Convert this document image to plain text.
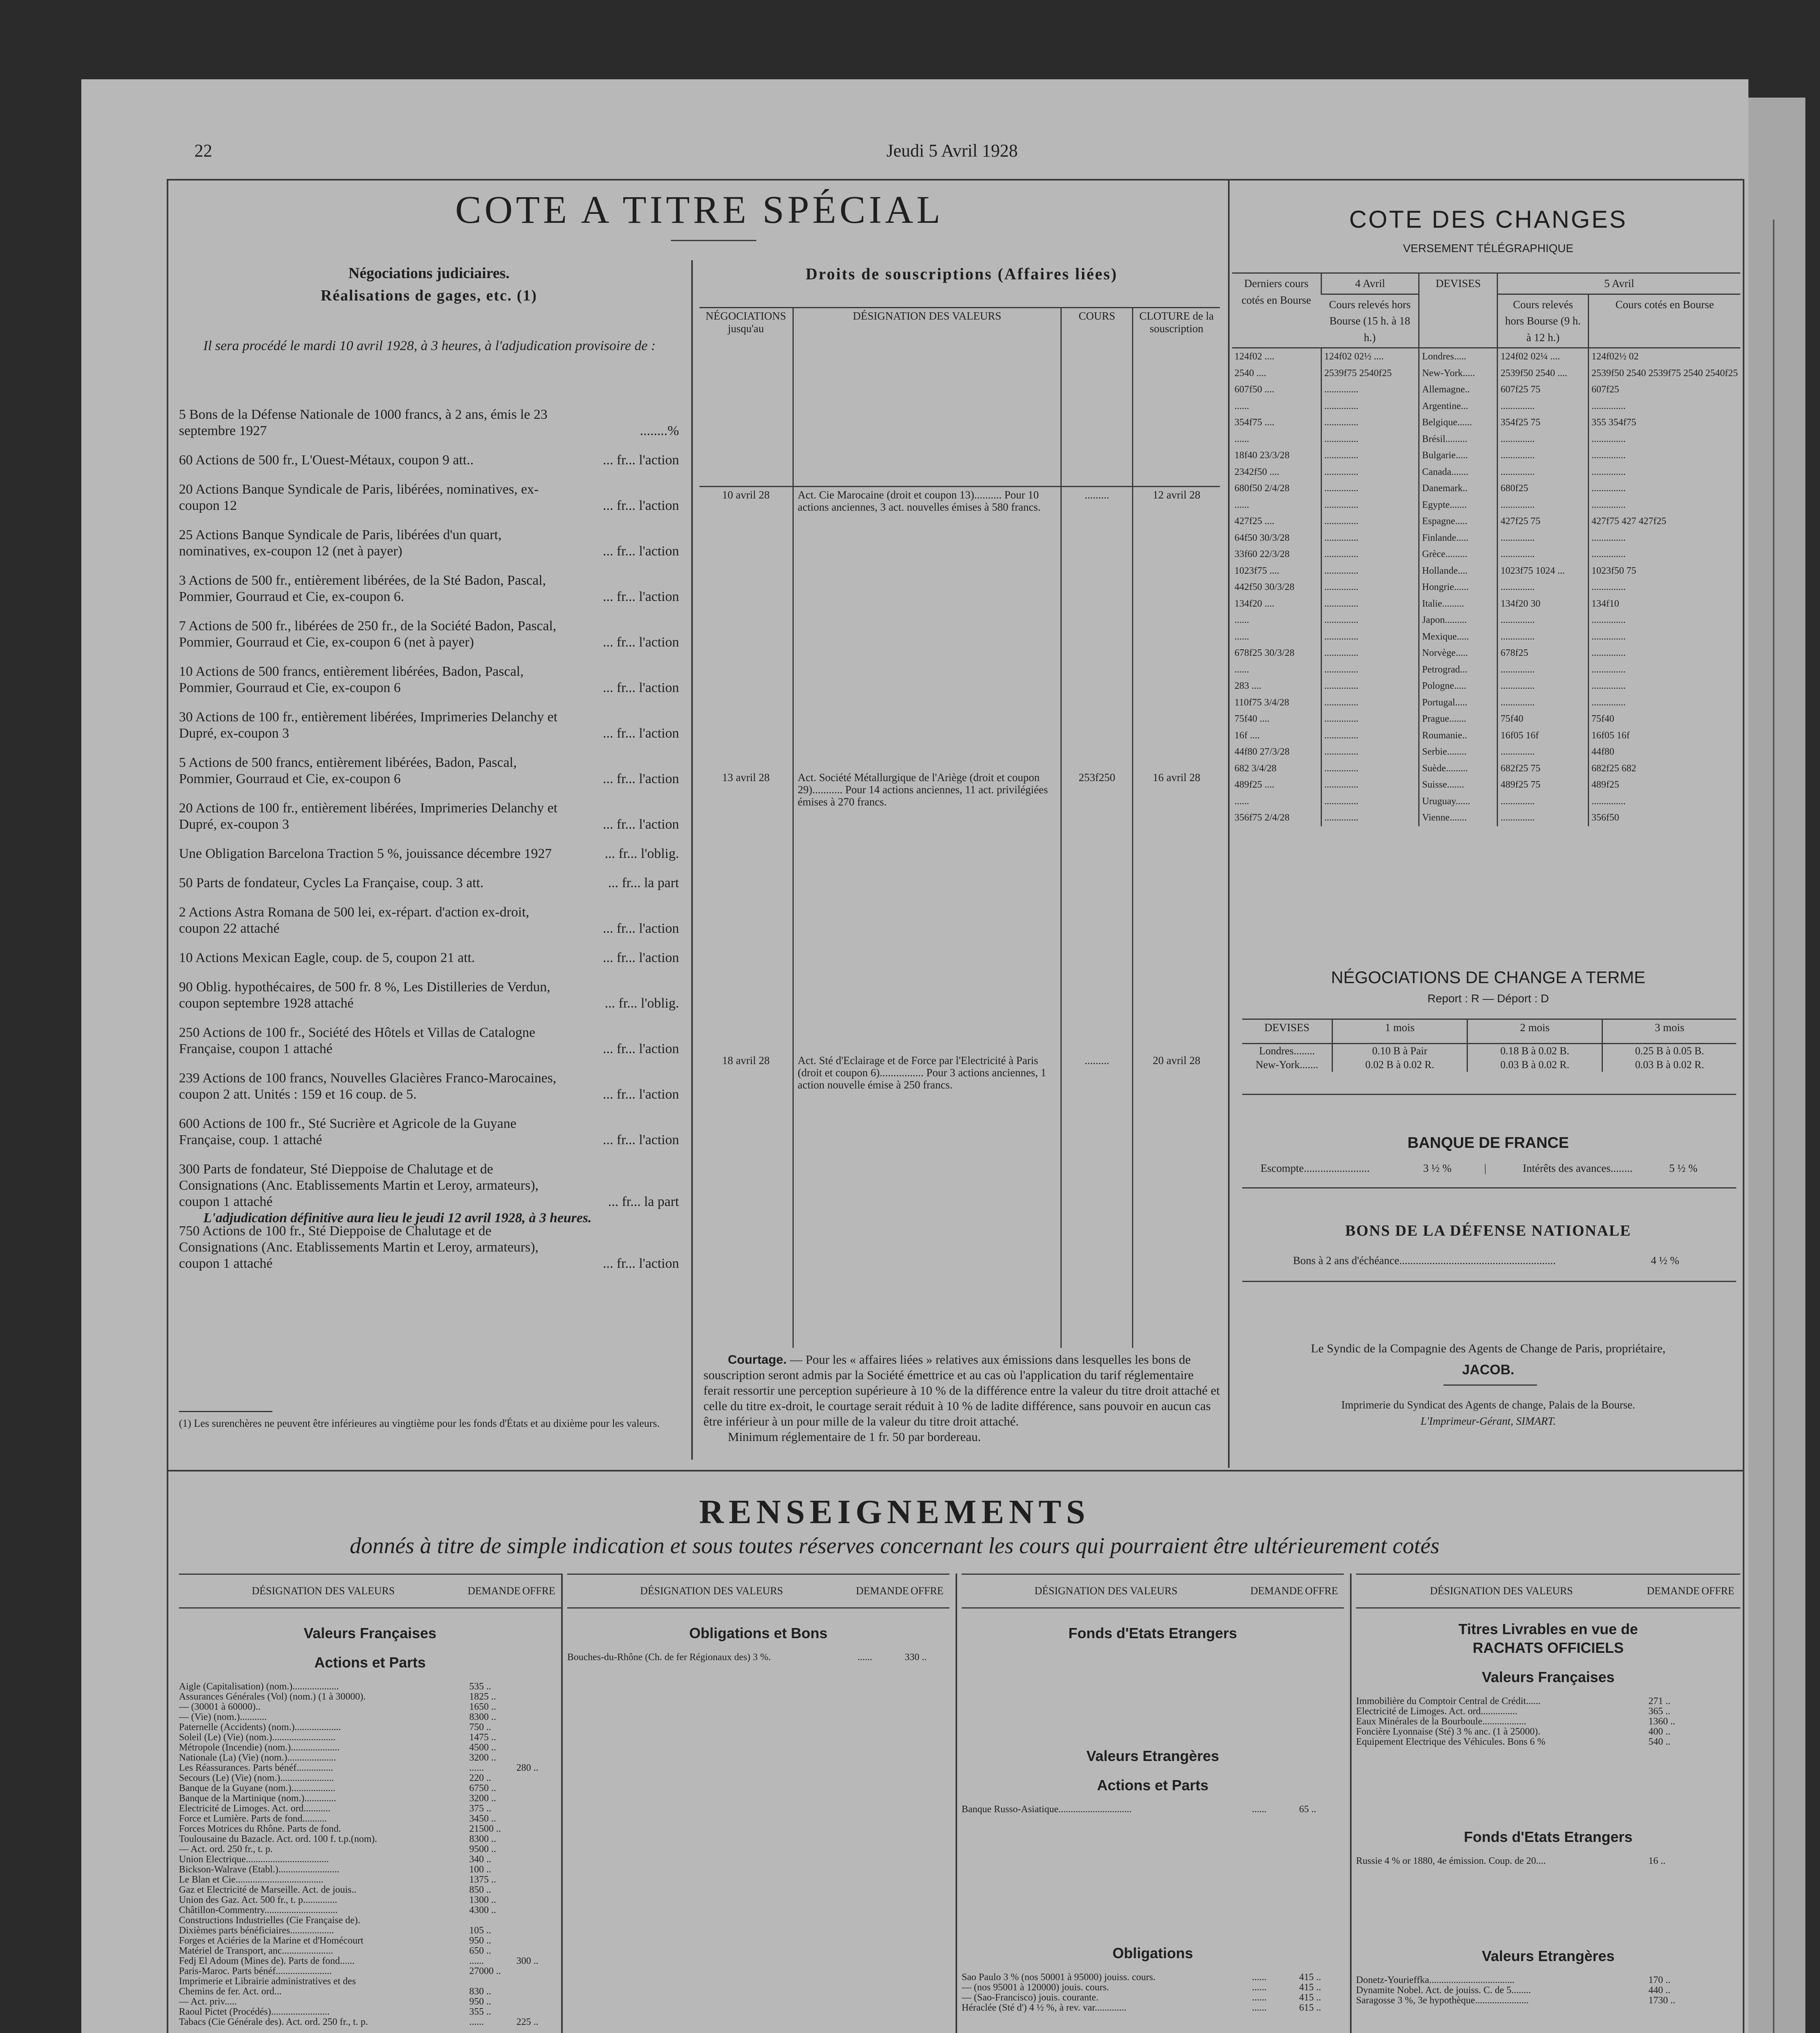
22	Jeudi 5 Avril 1928
COTE A TITRE SPÉCIAL
Négociations judiciaires.
Réalisations de gages, etc. (1)
Il sera procédé le mardi 10 avril 1928, à 3 heures, à l'adjudication provisoire de :
5 Bons de la Défense Nationale de 1000 francs, à 2 ans, émis le 23 septembre 1927	........%
60 Actions de 500 fr., L'Ouest-Métaux, coupon 9 att..	... fr... l'action
20 Actions Banque Syndicale de Paris, libérées, nominatives, ex-coupon 12	... fr... l'action
25 Actions Banque Syndicale de Paris, libérées d'un quart, nominatives, ex-coupon 12 (net à payer)	... fr... l'action
3 Actions de 500 fr., entièrement libérées, de la Sté Badon, Pascal, Pommier, Gourraud et Cie, ex-coupon 6.	... fr... l'action
7 Actions de 500 fr., libérées de 250 fr., de la Société Badon, Pascal, Pommier, Gourraud et Cie, ex-coupon 6 (net à payer)	... fr... l'action
10 Actions de 500 francs, entièrement libérées, Badon, Pascal, Pommier, Gourraud et Cie, ex-coupon 6	... fr... l'action
30 Actions de 100 fr., entièrement libérées, Imprimeries Delanchy et Dupré, ex-coupon 3	... fr... l'action
5 Actions de 500 francs, entièrement libérées, Badon, Pascal, Pommier, Gourraud et Cie, ex-coupon 6	... fr... l'action
20 Actions de 100 fr., entièrement libérées, Imprimeries Delanchy et Dupré, ex-coupon 3	... fr... l'action
Une Obligation Barcelona Traction 5 %, jouissance décembre 1927	... fr... l'oblig.
50 Parts de fondateur, Cycles La Française, coup. 3 att.	... fr... la part
2 Actions Astra Romana de 500 lei, ex-répart. d'action ex-droit, coupon 22 attaché	... fr... l'action
10 Actions Mexican Eagle, coup. de 5, coupon 21 att.	... fr... l'action
90 Oblig. hypothécaires, de 500 fr. 8 %, Les Distilleries de Verdun, coupon septembre 1928 attaché	... fr... l'oblig.
250 Actions de 100 fr., Société des Hôtels et Villas de Catalogne Française, coupon 1 attaché	... fr... l'action
239 Actions de 100 francs, Nouvelles Glacières Franco-Marocaines, coupon 2 att. Unités : 159 et 16 coup. de 5.	... fr... l'action
600 Actions de 100 fr., Sté Sucrière et Agricole de la Guyane Française, coup. 1 attaché	... fr... l'action
300 Parts de fondateur, Sté Dieppoise de Chalutage et de Consignations (Anc. Etablissements Martin et Leroy, armateurs), coupon 1 attaché	... fr... la part
750 Actions de 100 fr., Sté Dieppoise de Chalutage et de Consignations (Anc. Etablissements Martin et Leroy, armateurs), coupon 1 attaché	... fr... l'action
L'adjudication définitive aura lieu le jeudi 12 avril 1928, à 3 heures.
(1) Les surenchères ne peuvent être inférieures au vingtième pour les fonds d'États et au dixième pour les valeurs.
Droits de souscriptions (Affaires liées)
NÉGOCIATIONS jusqu'au	DÉSIGNATION DES VALEURS	COURS	CLOTURE de la souscription
10 avril 28	Act. Cie Marocaine (droit et coupon 13).......... Pour 10 actions anciennes, 3 act. nouvelles émises à 580 francs.	.........	12 avril 28
13 avril 28	Act. Société Métallurgique de l'Ariège (droit et coupon 29)........... Pour 14 actions anciennes, 11 act. privilégiées émises à 270 francs.	253f250	16 avril 28
18 avril 28	Act. Sté d'Eclairage et de Force par l'Electricité à Paris (droit et coupon 6)................ Pour 3 actions anciennes, 1 action nouvelle émise à 250 francs.	.........	20 avril 28

Courtage. — Pour les « affaires liées » relatives aux émissions dans lesquelles les bons de souscription seront admis par la Société émettrice et au cas où l'application du tarif réglementaire ferait ressortir une perception supérieure à 10 % de la différence entre la valeur du titre droit attaché et celle du titre ex-droit, le courtage serait réduit à 10 % de ladite différence, sans pouvoir en aucun cas être inférieur à un pour mille de la valeur du titre droit attaché.
Minimum réglementaire de 1 fr. 50 par bordereau.
COTE DES CHANGES
VERSEMENT TÉLÉGRAPHIQUE
Derniers cours cotés en Bourse	4 Avril	DEVISES	5 Avril	
	Cours relevés hors Bourse (15 h. à 18 h.)		Cours relevés hors Bourse (9 h. à 12 h.)	Cours cotés en Bourse
124f02 ....	124f02 02½ ....	Londres.....	124f02 02¼ ....	124f02½ 02
2540 ....	2539f75 2540f25	New-York.....	2539f50 2540 ....	2539f50 2540 2539f75 2540 2540f25
607f50 ....	..............	Allemagne..	607f25 75	607f25
......	..............	Argentine...	..............	..............
354f75 ....	..............	Belgique......	354f25 75	355 354f75
......	..............	Brésil.........	..............	..............
18f40 23/3/28	..............	Bulgarie.....	..............	..............
2342f50 ....	..............	Canada.......	..............	..............
680f50 2/4/28	..............	Danemark..	680f25	..............
......	..............	Egypte.......	..............	..............
427f25 ....	..............	Espagne.....	427f25 75	427f75 427 427f25
64f50 30/3/28	..............	Finlande.....	..............	..............
33f60 22/3/28	..............	Grèce.........	..............	..............
1023f75 ....	..............	Hollande....	1023f75 1024 ...	1023f50 75
442f50 30/3/28	..............	Hongrie......	..............	..............
134f20 ....	..............	Italie.........	134f20 30	134f10
......	..............	Japon.........	..............	..............
......	..............	Mexique.....	..............	..............
678f25 30/3/28	..............	Norvège.....	678f25	..............
......	..............	Petrograd...	..............	..............
283 ....	..............	Pologne.....	..............	..............
110f75 3/4/28	..............	Portugal.....	..............	..............
75f40 ....	..............	Prague.......	75f40	75f40
16f ....	..............	Roumanie..	16f05 16f	16f05 16f
44f80 27/3/28	..............	Serbie........	..............	44f80
682 3/4/28	..............	Suède.........	682f25 75	682f25 682
489f25 ....	..............	Suisse.......	489f25 75	489f25
......	..............	Uruguay......	..............	..............
356f75 2/4/28	..............	Vienne.......	..............	356f50
NÉGOCIATIONS DE CHANGE A TERME
Report : R — Déport : D
DEVISES	1 mois	2 mois	3 mois
Londres........	0.10 B à Pair	0.18 B à 0.02 B.	0.25 B à 0.05 B.
New-York.......	0.02 B à 0.02 R.	0.03 B à 0.02 R.	0.03 B à 0.02 R.
BANQUE DE FRANCE
Escompte........................	3 ½ %	|	Intérêts des avances........	5 ½ %
BONS DE LA DÉFENSE NATIONALE
Bons à 2 ans d'échéance.........................................................	4 ½ %
Le Syndic de la Compagnie des Agents de Change de Paris, propriétaire,
JACOB.
Imprimerie du Syndicat des Agents de change, Palais de la Bourse.
L'Imprimeur-Gérant, SIMART.
RENSEIGNEMENTS
donnés à titre de simple indication et sous toutes réserves concernant les cours qui pourraient être ultérieurement cotés
DÉSIGNATION DES VALEURS	DEMANDE OFFRE
Valeurs Françaises
Actions et Parts
Aigle (Capitalisation) (nom.)...................	535 ..
Assurances Générales (Vol) (nom.) (1 à 30000).	1825 ..
— (30001 à 60000)..	1650 ..
— (Vie) (nom.)...........	8300 ..
Paternelle (Accidents) (nom.)...................	750 ..
Soleil (Le) (Vie) (nom.)..........................	1475 ..
Métropole (Incendie) (nom.)....................	4500 ..
Nationale (La) (Vie) (nom.)....................	3200 ..
Les Réassurances. Parts bénéf...............	......	280 ..
Secours (Le) (Vie) (nom.)......................	220 ..
Banque de la Guyane (nom.)..................	6750 ..
Banque de la Martinique (nom.).............	3200 ..
Electricité de Limoges. Act. ord...........	375 ..
Force et Lumière. Parts de fond..........	3450 ..
Forces Motrices du Rhône. Parts de fond.	21500 ..
Toulousaine du Bazacle. Act. ord. 100 f. t.p.(nom).	8300 ..
— Act. ord. 250 fr., t. p.	9500 ..
Union Electrique..................................	340 ..
Bickson-Walrave (Etabl.).........................	100 ..
Le Blan et Cie....................................	1375 ..
Gaz et Electricité de Marseille. Act. de jouis..	850 ..
Union des Gaz. Act. 500 fr., t. p..............	1300 ..
Châtillon-Commentry..............................	4300 ..
Constructions Industrielles (Cie Française de).
Dixièmes parts bénéficiaires..................	105 ..
Forges et Aciéries de la Marine et d'Homécourt	950 ..
Matériel de Transport, anc.....................	650 ..
Fedj El Adoum (Mines de). Parts de fond......	......	300 ..
Paris-Maroc. Parts bénéf.......................	27000 ..
Imprimerie et Librairie administratives et des
Chemins de fer. Act. ord...	830 ..
— Act. priv.....	950 ..
Raoul Pictet (Procédés)........................	355 ..
Tabacs (Cie Générale des). Act. ord. 250 fr., t. p.	......	225 ..
DÉSIGNATION DES VALEURS	DEMANDE OFFRE
Obligations et Bons
Bouches-du-Rhône (Ch. de fer Régionaux des) 3 %.	......	330 ..
DÉSIGNATION DES VALEURS	DEMANDE OFFRE
Fonds d'Etats Etrangers
Valeurs Etrangères
Actions et Parts
Banque Russo-Asiatique..............................	......	65 ..
Obligations
Sao Paulo 3 % (nos 50001 à 95000) jouiss. cours.	......	415 ..
— (nos 95001 à 120000) jouis. cours.	......	415 ..
— (Sao-Francisco) jouis. courante.	......	415 ..
Héraclée (Sté d') 4 ½ %, à rev. var.............	......	615 ..
DÉSIGNATION DES VALEURS	DEMANDE OFFRE
Titres Livrables en vue de
RACHATS OFFICIELS
Valeurs Françaises
Immobilière du Comptoir Central de Crédit......	271 ..
Electricité de Limoges. Act. ord...............	365 ..
Eaux Minérales de la Bourboule..................	1360 ..
Foncière Lyonnaise (Sté) 3 % anc. (1 à 25000).	400 ..
Equipement Electrique des Véhicules. Bons 6 %	540 ..
Fonds d'Etats Etrangers
Russie 4 % or 1880, 4e émission. Coup. de 20....	16 ..
Valeurs Etrangères
Donetz-Yourieffka...................................	170 ..
Dynamite Nobel. Act. de jouiss. C. de 5........	440 ..
Saragosse 3 %, 3e hypothèque......................	1730 ..
